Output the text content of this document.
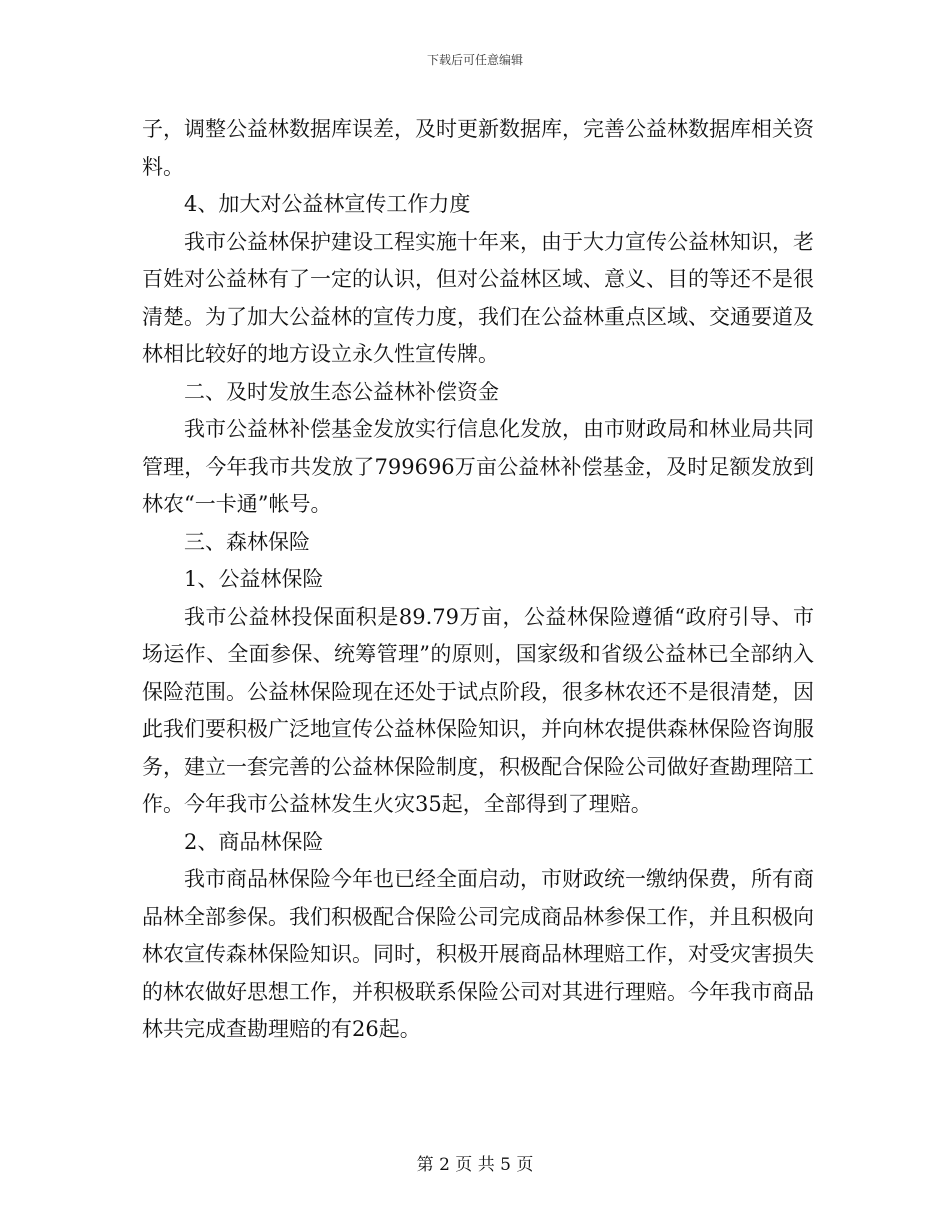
下载后可任意编辑

子，调整公益林数据库误差，及时更新数据库，完善公益林数据库相关资料。

4、加大对公益林宣传工作力度

我市公益林保护建设工程实施十年来，由于大力宣传公益林知识，老百姓对公益林有了一定的认识，但对公益林区域、意义、目的等还不是很清楚。为了加大公益林的宣传力度，我们在公益林重点区域、交通要道及林相比较好的地方设立永久性宣传牌。

二、及时发放生态公益林补偿资金

我市公益林补偿基金发放实行信息化发放，由市财政局和林业局共同管理，今年我市共发放了799696万亩公益林补偿基金，及时足额发放到林农“一卡通”帐号。

三、森林保险

1、公益林保险

我市公益林投保面积是89.79万亩，公益林保险遵循“政府引导、市场运作、全面参保、统筹管理”的原则，国家级和省级公益林已全部纳入保险范围。公益林保险现在还处于试点阶段，很多林农还不是很清楚，因此我们要积极广泛地宣传公益林保险知识，并向林农提供森林保险咨询服务，建立一套完善的公益林保险制度，积极配合保险公司做好查勘理陪工作。今年我市公益林发生火灾35起，全部得到了理赔。

2、商品林保险

我市商品林保险今年也已经全面启动，市财政统一缴纳保费，所有商品林全部参保。我们积极配合保险公司完成商品林参保工作，并且积极向林农宣传森林保险知识。同时，积极开展商品林理赔工作，对受灾害损失的林农做好思想工作，并积极联系保险公司对其进行理赔。今年我市商品林共完成查勘理赔的有26起。

第 2 页 共 5 页
